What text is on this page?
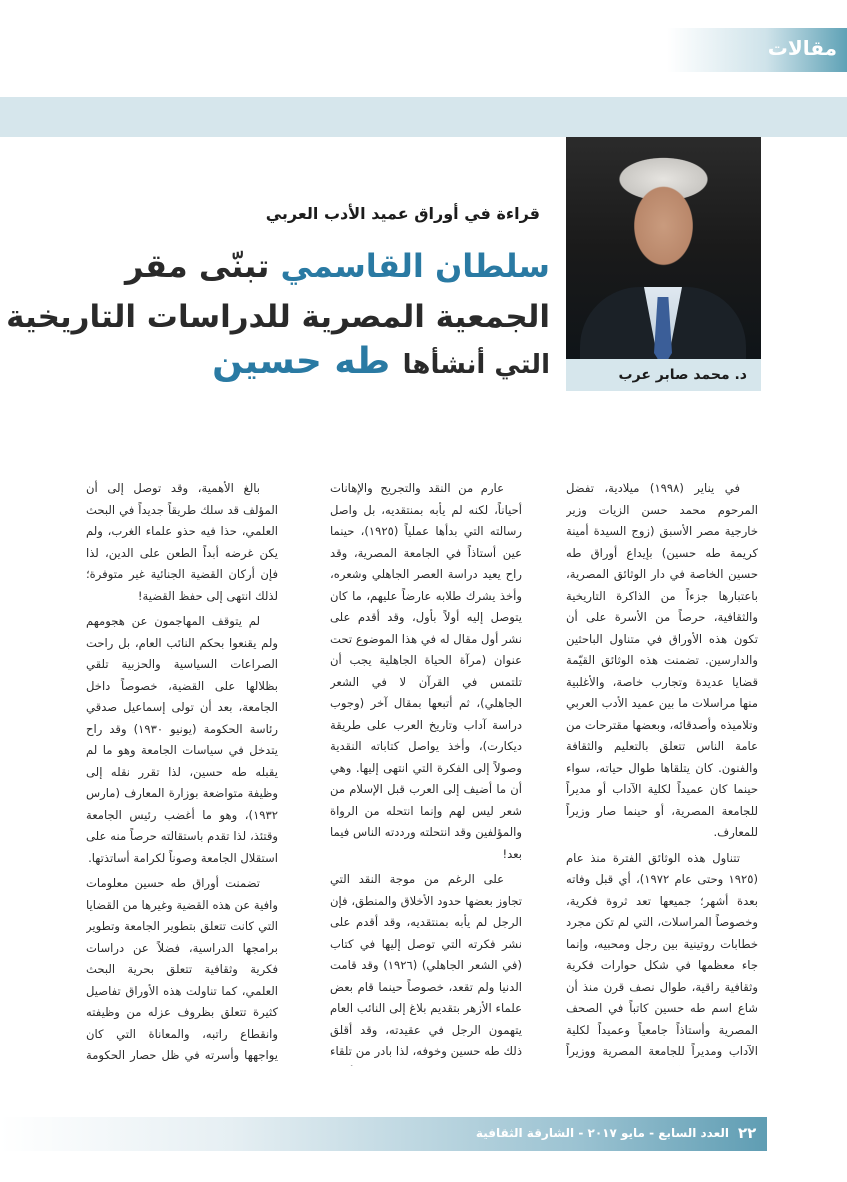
مقالات
د. محمد صابر عرب
قراءة في أوراق عميد الأدب العربي
سلطان القاسمي تبنّى مقر
الجمعية المصرية للدراسات التاريخية
التي أنشأها طه حسين

في يناير (١٩٩٨) ميلادية، تفضل المرحوم محمد حسن الزيات وزير خارجية مصر الأسبق (زوج السيدة أمينة كريمة طه حسين) بإيداع أوراق طه حسين الخاصة في دار الوثائق المصرية، باعتبارها جزءاً من الذاكرة التاريخية والثقافية، حرصاً من الأسرة على أن تكون هذه الأوراق في متناول الباحثين والدارسين. تضمنت هذه الوثائق القيّمة قضايا عديدة وتجارب خاصة، والأغلبية منها مراسلات ما بين عميد الأدب العربي وتلاميذه وأصدقائه، وبعضها مقترحات من عامة الناس تتعلق بالتعليم والثقافة والفنون. كان يتلقاها طوال حياته، سواء حينما كان عميداً لكلية الآداب أو مديراً للجامعة المصرية، أو حينما صار وزيراً للمعارف.

تتناول هذه الوثائق الفترة منذ عام (١٩٢٥ وحتى عام ١٩٧٢)، أي قبل وفاته بعدة أشهر؛ جميعها تعد ثروة فكرية، وخصوصاً المراسلات، التي لم تكن مجرد خطابات روتينية بين رجل ومحبيه، وإنما جاء معظمها في شكل حوارات فكرية وثقافية راقية، طوال نصف قرن منذ أن شاع اسم طه حسين كاتباً في الصحف المصرية وأستاذاً جامعياً وعميداً لكلية الآداب ومديراً للجامعة المصرية ووزيراً

عارم من النقد والتجريح والإهانات أحياناً، لكنه لم يأبه بمنتقديه، بل واصل رسالته التي بدأها عملياً (١٩٢٥)، حينما عين أستاذاً في الجامعة المصرية، وقد راح يعيد دراسة العصر الجاهلي وشعره، وأخذ يشرك طلابه عارضاً عليهم، ما كان يتوصل إليه أولاً بأول، وقد أقدم على نشر أول مقال له في هذا الموضوع تحت عنوان (مرآة الحياة الجاهلية يجب أن تلتمس في القرآن لا في الشعر الجاهلي)، ثم أتبعها بمقال آخر (وجوب دراسة آداب وتاريخ العرب على طريقة ديكارت)، وأخذ يواصل كتاباته النقدية وصولاً إلى الفكرة التي انتهى إليها. وهي أن ما أضيف إلى العرب قبل الإسلام من شعر ليس لهم وإنما انتحله من الرواة والمؤلفين وقد انتحلته ورددته الناس فيما بعد!

على الرغم من موجة النقد التي تجاوز بعضها حدود الأخلاق والمنطق، فإن الرجل لم يأبه بمنتقديه، وقد أقدم على نشر فكرته التي توصل إليها في كتاب (في الشعر الجاهلي) (١٩٢٦) وقد قامت الدنيا ولم تقعد، خصوصاً حينما قام بعض علماء الأزهر بتقديم بلاغ إلى النائب العام يتهمون الرجل في عقيدته، وقد أقلق ذلك طه حسين وخوفه، لذا بادر من تلقاء

بالغ الأهمية، وقد توصل إلى أن المؤلف قد سلك طريقاً جديداً في البحث العلمي، حذا فيه حذو علماء الغرب، ولم يكن غرضه أبداً الطعن على الدين، لذا فإن أركان القضية الجنائية غير متوفرة؛ لذلك انتهى إلى حفظ القضية!

لم يتوقف المهاجمون عن هجومهم ولم يقنعوا بحكم النائب العام، بل راحت الصراعات السياسية والحزبية تلقي بظلالها على القضية، خصوصاً داخل الجامعة، بعد أن تولى إسماعيل صدقي رئاسة الحكومة (يونيو ١٩٣٠) وقد راح يتدخل في سياسات الجامعة وهو ما لم يقبله طه حسين، لذا تقرر نقله إلى وظيفة متواضعة بوزارة المعارف (مارس ١٩٣٢)، وهو ما أغضب رئيس الجامعة وقتئذ، لذا تقدم باستقالته حرصاً منه على استقلال الجامعة وصوناً لكرامة أساتذتها.

تضمنت أوراق طه حسين معلومات وافية عن هذه القضية وغيرها من القضايا التي كانت تتعلق بتطوير الجامعة وتطوير برامجها الدراسية، فضلاً عن دراسات فكرية وثقافية تتعلق بحرية البحث العلمي، كما تناولت هذه الأوراق تفاصيل كثيرة تتعلق بظروف عزله من وظيفته وانقطاع راتبه، والمعاناة التي كان يواجهها وأسرته في ظل حصار الحكومة

العدد السابع - مايو ٢٠١٧ - الشارقة الثقافية ٢٢
